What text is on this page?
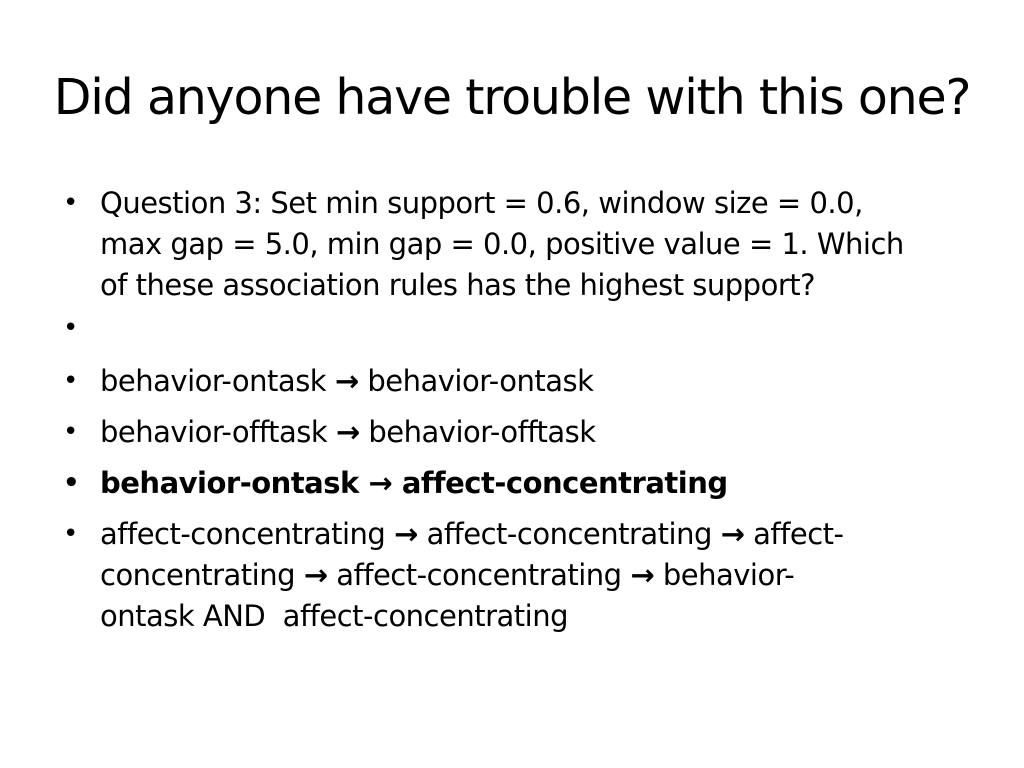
Did anyone have trouble with this one?
• Question 3: Set min support = 0.6, window size = 0.0,
max gap = 5.0, min gap = 0.0, positive value = 1. Which
of these association rules has the highest support?
•
• behavior-ontask → behavior-ontask
• behavior-offtask → behavior-offtask
• behavior-ontask → affect-concentrating
• affect-concentrating → affect-concentrating → affect-
concentrating → affect-concentrating → behavior-
ontask AND  affect-concentrating
